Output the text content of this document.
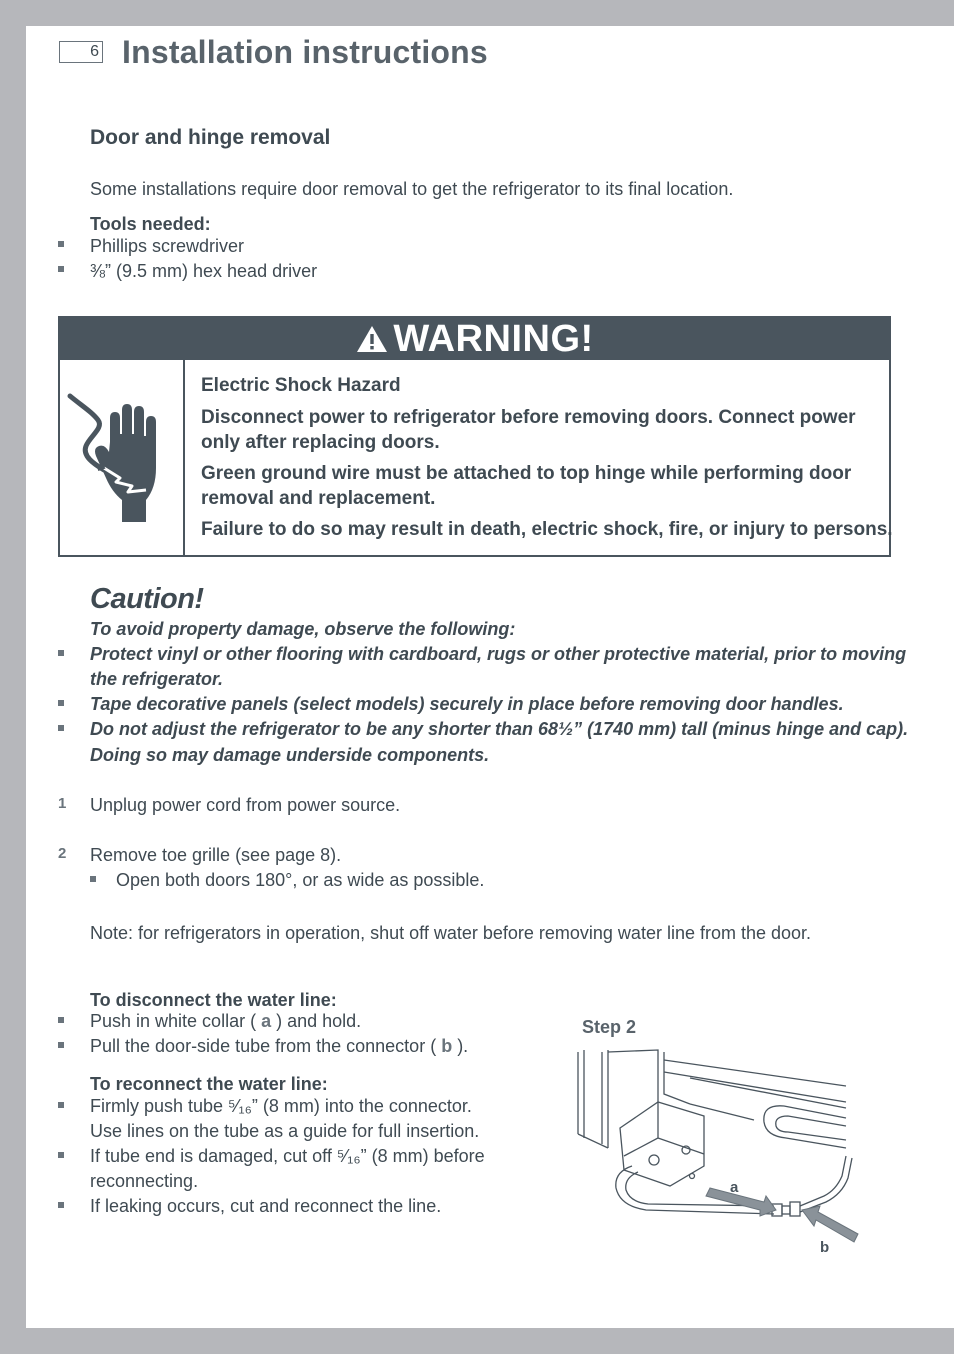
6 Installation instructions
Door and hinge removal
Some installations require door removal to get the refrigerator to its final location.
Tools needed:
Phillips screwdriver
⅜” (9.5 mm) hex head driver
WARNING!
Electric Shock Hazard
Disconnect power to refrigerator before removing doors. Connect power
only after replacing doors.
Green ground wire must be attached to top hinge while performing door
removal and replacement.
Failure to do so may result in death, electric shock, fire, or injury to persons.
Caution!
To avoid property damage, observe the following:
Protect vinyl or other flooring with cardboard, rugs or other protective material, prior to moving
the refrigerator.
Tape decorative panels (select models) securely in place before removing door handles.
Do not adjust the refrigerator to be any shorter than 68½” (1740 mm) tall (minus hinge and cap).
Doing so may damage underside components.
1 Unplug power cord from power source.
2 Remove toe grille (see page 8).
Open both doors 180°, or as wide as possible.
Note: for refrigerators in operation, shut off water before removing water line from the door.
To disconnect the water line:
Push in white collar ( a ) and hold.
Pull the door-side tube from the connector ( b ).
To reconnect the water line:
Firmly push tube ⁵⁄₁₆” (8 mm) into the connector.
Use lines on the tube as a guide for full insertion.
If tube end is damaged, cut off ⁵⁄₁₆” (8 mm) before
reconnecting.
If leaking occurs, cut and reconnect the line.
Step 2
a
b
